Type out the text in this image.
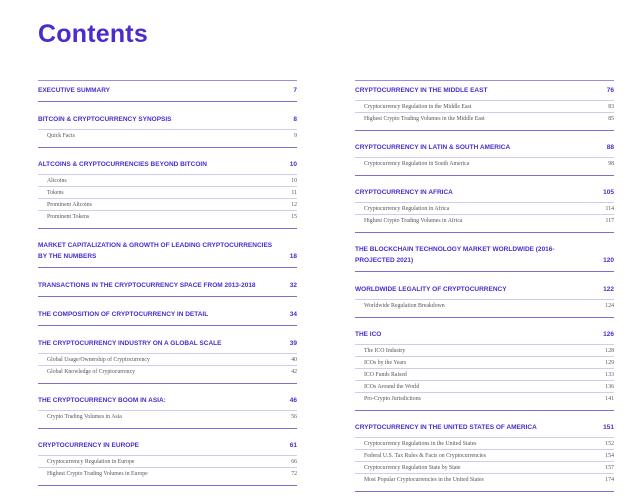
Contents
EXECUTIVE SUMMARY	7
BITCOIN & CRYPTOCURRENCY SYNOPSIS	8
Quick Facts	9
ALTCOINS & CRYPTOCURRENCIES BEYOND BITCOIN	10
Altcoins	10
Tokens	11
Prominent Altcoins	12
Prominent Tokens	15
MARKET CAPITALIZATION & GROWTH OF LEADING CRYPTOCURRENCIES BY THE NUMBERS	18
TRANSACTIONS IN THE CRYPTOCURRENCY SPACE FROM 2013-2018	32
THE COMPOSITION OF CRYPTOCURRENCY IN DETAIL	34
THE CRYPTOCURRENCY INDUSTRY ON A GLOBAL SCALE	39
Global Usage/Ownership of Cryptocurrency	40
Global Knowledge of Cryptocurrency	42
THE CRYPTOCURRENCY BOOM IN ASIA:	46
Crypto Trading Volumes in Asia	56
CRYPTOCURRENCY IN EUROPE	61
Cryptocurrency Regulation in Europe	66
Highest Crypto Trading Volumes in Europe	72
CRYPTOCURRENCY IN THE MIDDLE EAST	76
Cryptocurrency Regulation in the Middle East	83
Highest Crypto Trading Volumes in the Middle East	85
CRYPTOCURRENCY IN LATIN & SOUTH AMERICA	88
Cryptocurrency Regulation in South America	98
CRYPTOCURRENCY IN AFRICA	105
Cryptocurrency Regulation in Africa	114
Highest Crypto Trading Volumes in Africa	117
THE BLOCKCHAIN TECHNOLOGY MARKET WORLDWIDE (2016- PROJECTED 2021)	120
WORLDWIDE LEGALITY OF CRYPTOCURRENCY	122
Worldwide Regulation Breakdown	124
THE ICO	126
The ICO Industry	128
ICOs by the Years	129
ICO Funds Raised	133
ICOs Around the World	136
Pro-Crypto Jurisdictions	141
CRYPTOCURRENCY IN THE UNITED STATES OF AMERICA	151
Cryptocurrency Regulations in the United States	152
Federal U.S. Tax Rules & Facts on Cryptocurrencies	154
Cryptocurrency Regulation State by State	157
Most Popular Cryptocurrencies in the United States	174
